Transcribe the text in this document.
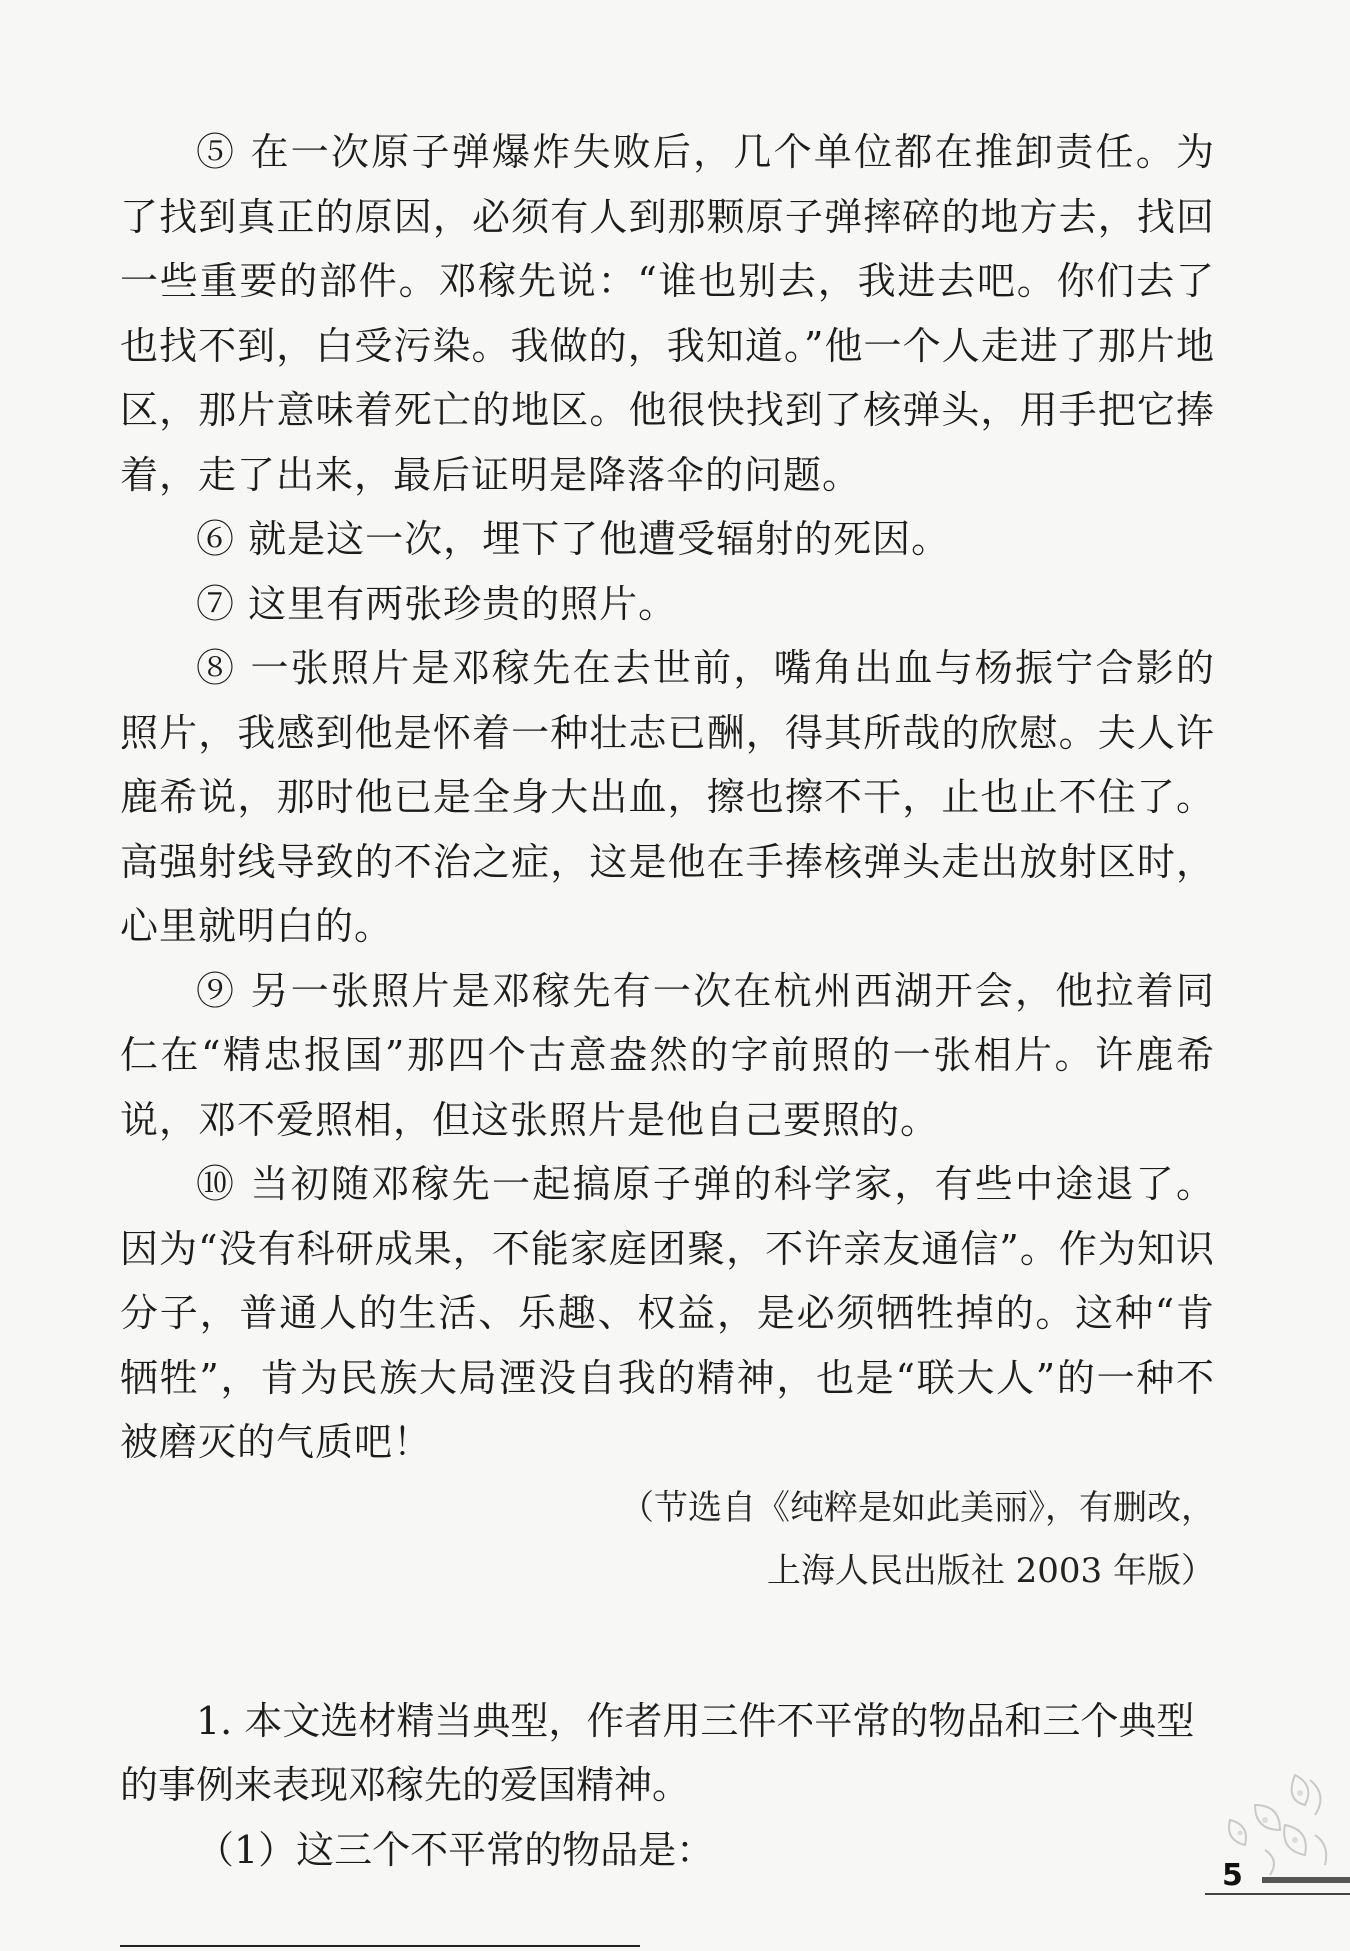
⑤ 在一次原子弹爆炸失败后，几个单位都在推卸责任。为了找到真正的原因，必须有人到那颗原子弹摔碎的地方去，找回一些重要的部件。邓稼先说：“谁也别去，我进去吧。你们去了也找不到，白受污染。我做的，我知道。”他一个人走进了那片地区，那片意味着死亡的地区。他很快找到了核弹头，用手把它捧着，走了出来，最后证明是降落伞的问题。

⑥ 就是这一次，埋下了他遭受辐射的死因。

⑦ 这里有两张珍贵的照片。

⑧ 一张照片是邓稼先在去世前，嘴角出血与杨振宁合影的照片，我感到他是怀着一种壮志已酬，得其所哉的欣慰。夫人许鹿希说，那时他已是全身大出血，擦也擦不干，止也止不住了。高强射线导致的不治之症，这是他在手捧核弹头走出放射区时，心里就明白的。

⑨ 另一张照片是邓稼先有一次在杭州西湖开会，他拉着同仁在“精忠报国”那四个古意盎然的字前照的一张相片。许鹿希说，邓不爱照相，但这张照片是他自己要照的。

⑩ 当初随邓稼先一起搞原子弹的科学家，有些中途退了。因为“没有科研成果，不能家庭团聚，不许亲友通信”。作为知识分子，普通人的生活、乐趣、权益，是必须牺牲掉的。这种“肯牺牲”，肯为民族大局湮没自我的精神，也是“联大人”的一种不被磨灭的气质吧！

（节选自《纯粹是如此美丽》，有删改，

上海人民出版社 2003 年版）

1. 本文选材精当典型，作者用三件不平常的物品和三个典型的事例来表现邓稼先的爱国精神。

（1）这三个不平常的物品是：

5
